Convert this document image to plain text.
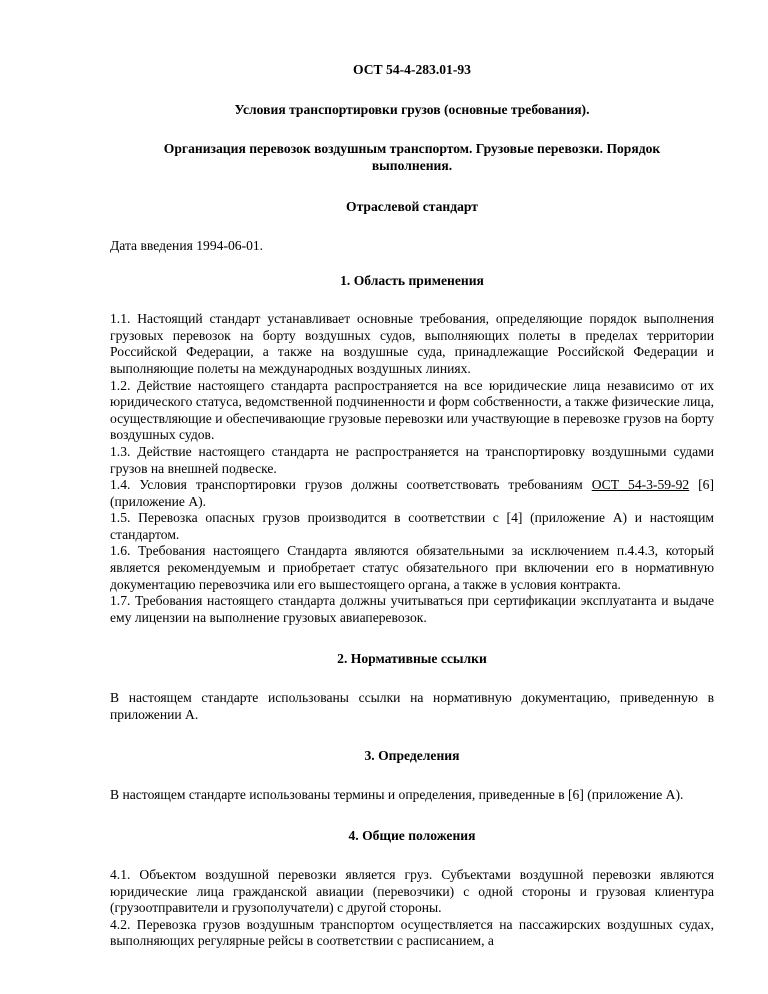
ОСТ 54-4-283.01-93
Условия транспортировки грузов (основные требования).
Организация перевозок воздушным транспортом. Грузовые перевозки. Порядок выполнения.
Отраслевой стандарт

Дата введения 1994-06-01.

1. Область применения

1.1. Настоящий стандарт устанавливает основные требования, определяющие порядок выполнения грузовых перевозок на борту воздушных судов, выполняющих полеты в пределах территории Российской Федерации, а также на воздушные суда, принадлежащие Российской Федерации и выполняющие полеты на международных воздушных линиях.

1.2. Действие настоящего стандарта распространяется на все юридические лица независимо от их юридического статуса, ведомственной подчиненности и форм собственности, а также физические лица, осуществляющие и обеспечивающие грузовые перевозки или участвующие в перевозке грузов на борту воздушных судов.

1.3. Действие настоящего стандарта не распространяется на транспортировку воздушными судами грузов на внешней подвеске.

1.4. Условия транспортировки грузов должны соответствовать требованиям ОСТ 54-3-59-92 [6] (приложение А).

1.5. Перевозка опасных грузов производится в соответствии с [4] (приложение А) и настоящим стандартом.

1.6. Требования настоящего Стандарта являются обязательными за исключением п.4.4.3, который является рекомендуемым и приобретает статус обязательного при включении его в нормативную документацию перевозчика или его вышестоящего органа, а также в условия контракта.

1.7. Требования настоящего стандарта должны учитываться при сертификации эксплуатанта и выдаче ему лицензии на выполнение грузовых авиаперевозок.

2. Нормативные ссылки

В настоящем стандарте использованы ссылки на нормативную документацию, приведенную в приложении А.

3. Определения

В настоящем стандарте использованы термины и определения, приведенные в [6] (приложение А).

4. Общие положения

4.1. Объектом воздушной перевозки является груз. Субъектами воздушной перевозки являются юридические лица гражданской авиации (перевозчики) с одной стороны и грузовая клиентура (грузоотправители и грузополучатели) с другой стороны.

4.2. Перевозка грузов воздушным транспортом осуществляется на пассажирских воздушных судах, выполняющих регулярные рейсы в соответствии с расписанием, а
